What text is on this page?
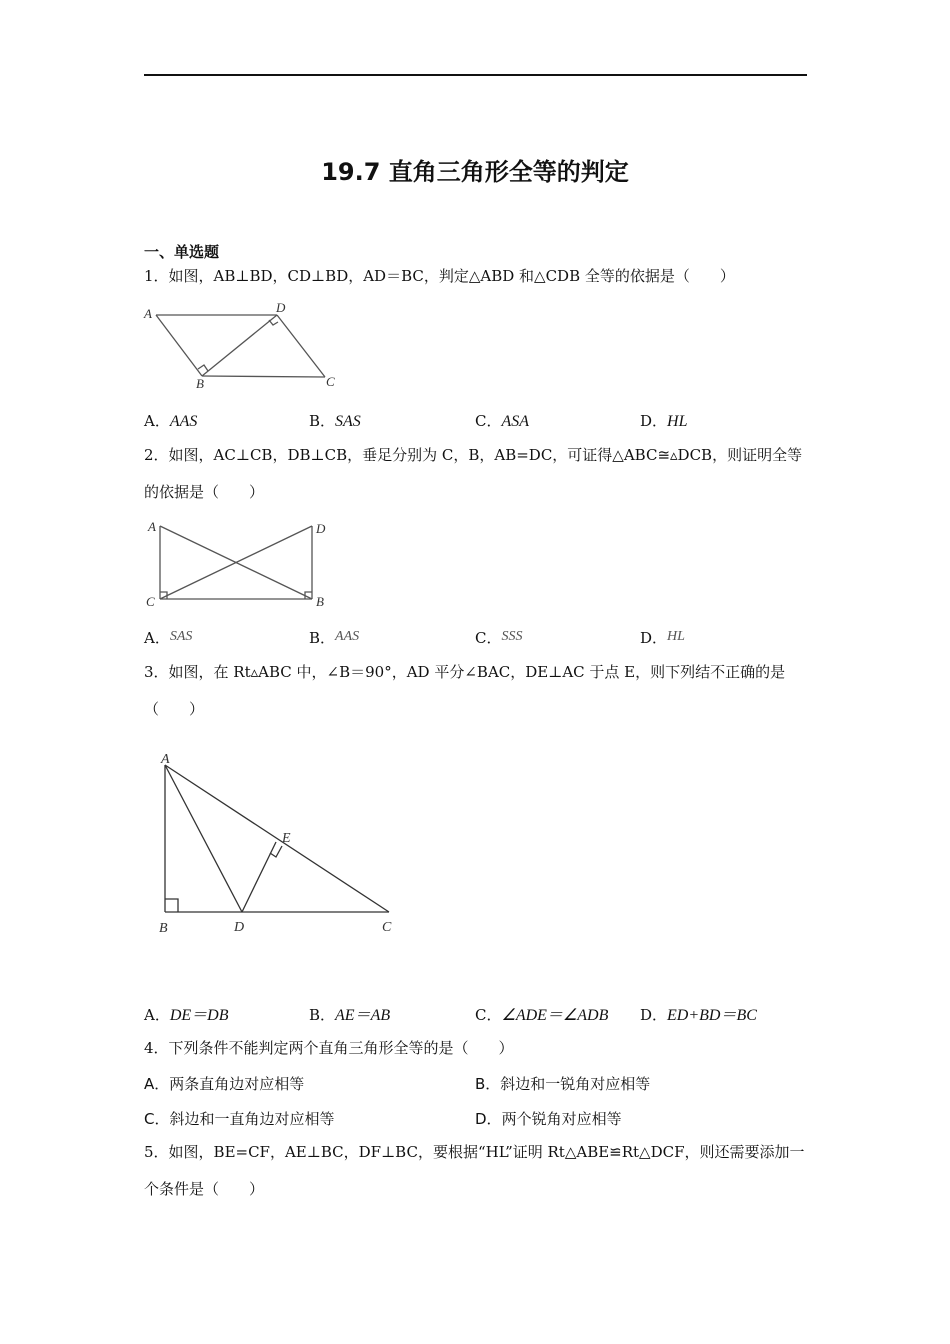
19.7 直角三角形全等的判定
一、单选题
1．如图，AB⊥BD，CD⊥BD，AD＝BC，判定△ABD 和△CDB 全等的依据是（　　）
A	D
B	C
A．AAS	B．SAS	C．ASA	D．HL
2．如图，AC⊥CB，DB⊥CB，垂足分别为 C，B，AB=DC，可证得△ABC≅▵DCB，则证明全等的依据是（　　）
A	D
C	B
A．SAS	B．AAS	C．SSS	D．HL
3．如图，在 Rt▵ABC 中，∠B＝90°，AD 平分∠BAC，DE⊥AC 于点 E，则下列结不正确的是（　　）
A
E
B	D	C
A．DE＝DB	B．AE＝AB	C．∠ADE＝∠ADB D．ED+BD＝BC
4．下列条件不能判定两个直角三角形全等的是（　　）
A．两条直角边对应相等	B．斜边和一锐角对应相等
C．斜边和一直角边对应相等	D．两个锐角对应相等
5．如图，BE=CF，AE⊥BC，DF⊥BC，要根据“HL”证明 Rt△ABE≌Rt△DCF，则还需要添加一个条件是（　　）
